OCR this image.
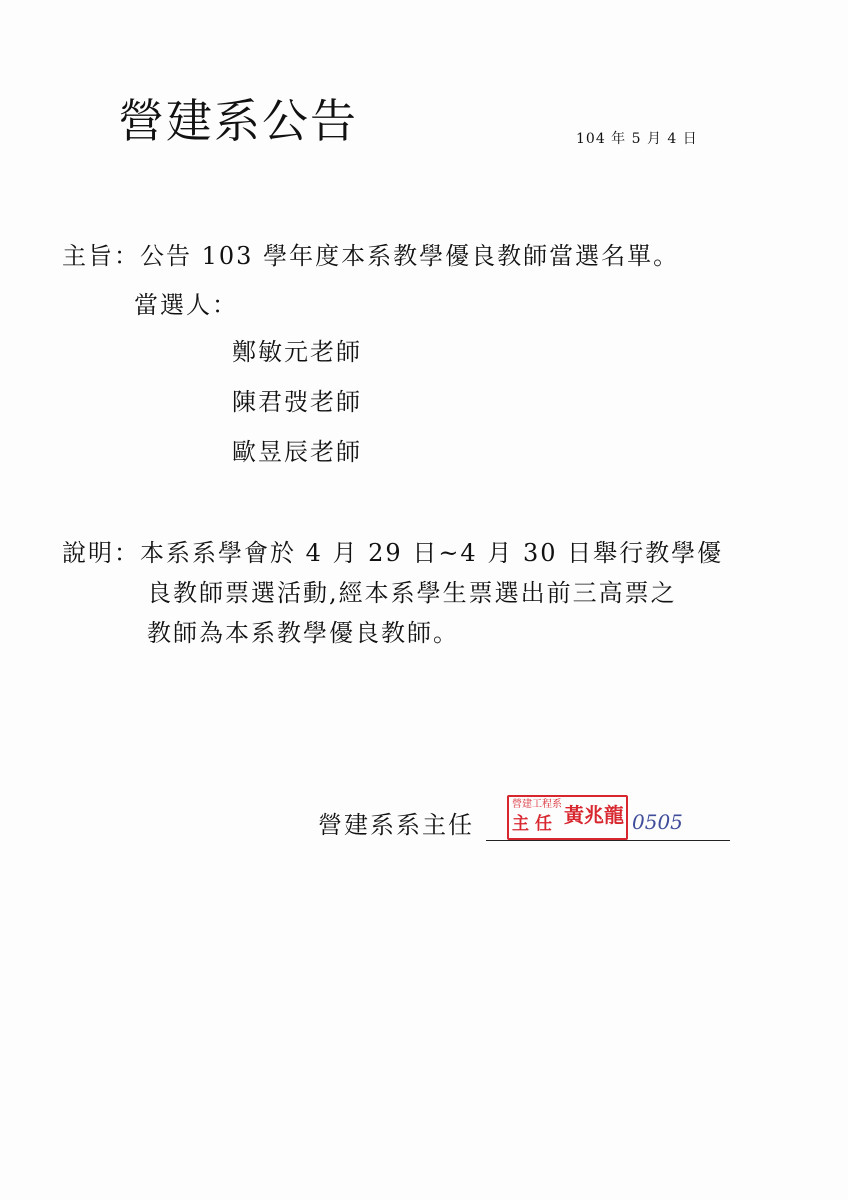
營建系公告	104 年 5 月 4 日
主旨：公告 103 學年度本系教學優良教師當選名單。
當選人：
鄭敏元老師
陳君弢老師
歐昱辰老師
說明：本系系學會於 4 月 29 日~4 月 30 日舉行教學優
良教師票選活動,經本系學生票選出前三高票之
教師為本系教學優良教師。
營建系系主任
營建工程系
主任 黃兆龍 0505
